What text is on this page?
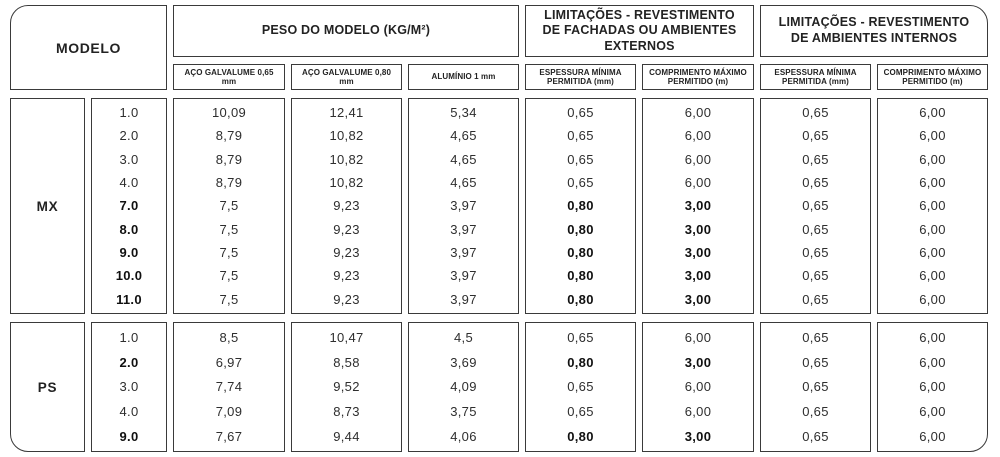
MODELO
PESO DO MODELO (KG/M²)
AÇO GALVALUME 0,65 mm
AÇO GALVALUME 0,80 mm
ALUMÍNIO 1 mm
LIMITAÇÕES - REVESTIMENTO DE FACHADAS OU AMBIENTES EXTERNOS
ESPESSURA MÍNIMA PERMITIDA (mm)
COMPRIMENTO MÁXIMO PERMITIDO (m)
LIMITAÇÕES - REVESTIMENTO DE AMBIENTES INTERNOS
ESPESSURA MÍNIMA PERMITIDA (mm)
COMPRIMENTO MÁXIMO PERMITIDO (m)
MX
1.0
2.0
3.0
4.0
7.0
8.0
9.0
10.0
11.0
10,09
8,79
8,79
8,79
7,5
7,5
7,5
7,5
7,5
12,41
10,82
10,82
10,82
9,23
9,23
9,23
9,23
9,23
5,34
4,65
4,65
4,65
3,97
3,97
3,97
3,97
3,97
0,65
0,65
0,65
0,65
0,80
0,80
0,80
0,80
0,80
6,00
6,00
6,00
6,00
3,00
3,00
3,00
3,00
3,00
0,65
0,65
0,65
0,65
0,65
0,65
0,65
0,65
0,65
6,00
6,00
6,00
6,00
6,00
6,00
6,00
6,00
6,00
PS
1.0
2.0
3.0
4.0
9.0
8,5
6,97
7,74
7,09
7,67
10,47
8,58
9,52
8,73
9,44
4,5
3,69
4,09
3,75
4,06
0,65
0,80
0,65
0,65
0,80
6,00
3,00
6,00
6,00
3,00
0,65
0,65
0,65
0,65
0,65
6,00
6,00
6,00
6,00
6,00
